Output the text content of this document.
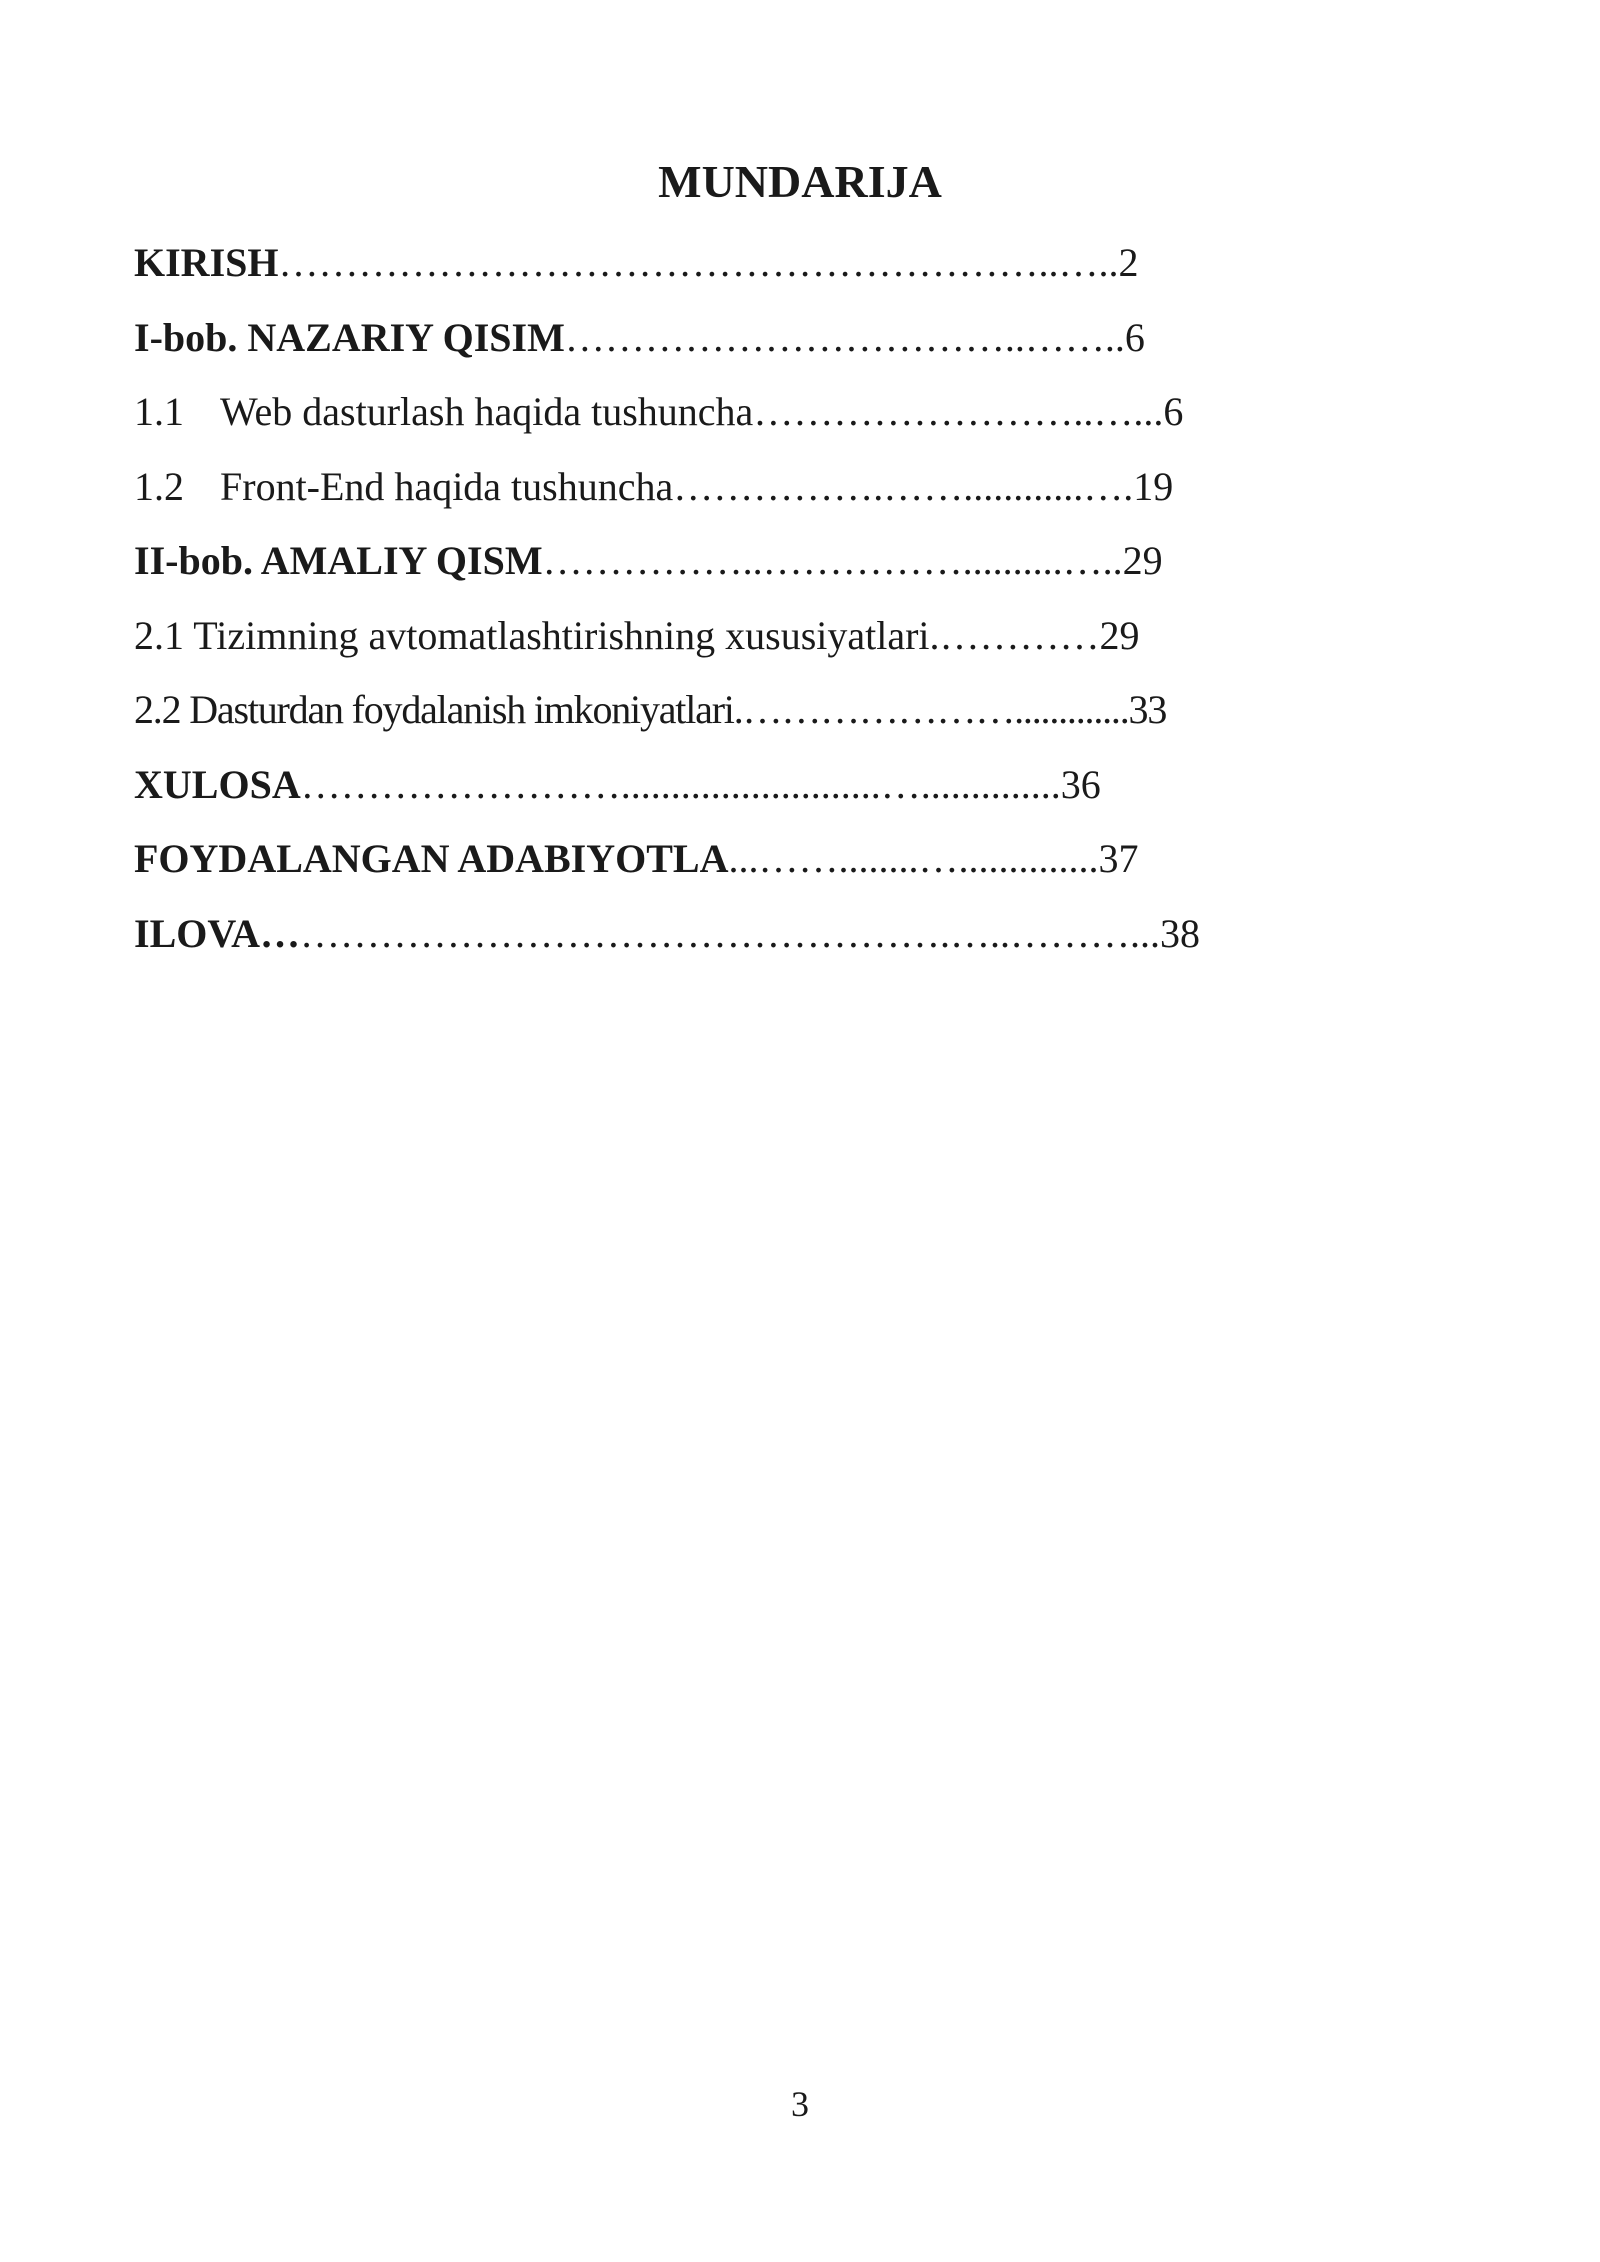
MUNDARIJA
KIRISH…………………………………………………..…..2
I-bob. NAZARIY QISIM……………………………..……..6
1.1 Web dasturlash haqida tushuncha……………………..…...6
1.2 Front-End haqida tushuncha…………….……............….19
II-bob. AMALIY QISM……………..……………..........…..29
2.1 Tizimning avtomatlashtirishning xususiyatlari.…………29
2.2 Dasturdan foydalanish imkoniyatlari.………………….............33
XULOSA……………………..........................…..............36
FOYDALANGAN ADABIYOTLA...……........…..............37
ILOVA…………………………………………….…..………...38
3
